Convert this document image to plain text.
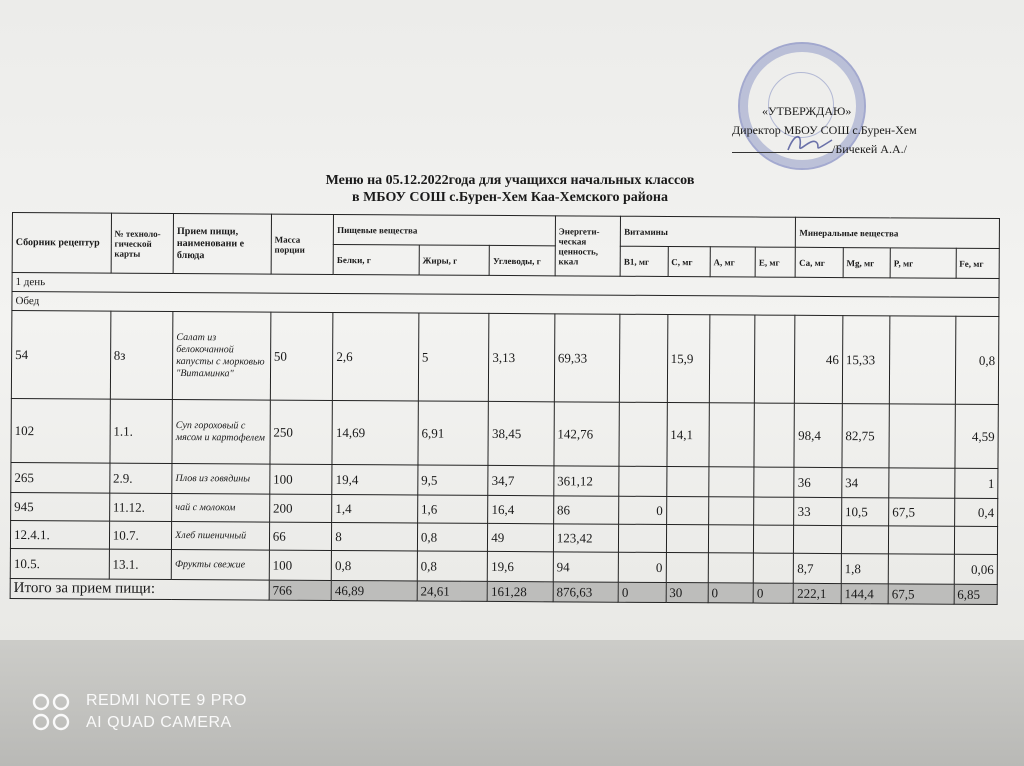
«УТВЕРЖДАЮ»
Директор МБОУ СОШ с.Бурен-Хем
/Бичекей А.А./
Меню на 05.12.2022года для учащихся начальных классов
в МБОУ СОШ с.Бурен-Хем Каа-Хемского района
Сборник рецептур	№ техноло-гической карты	Прием пищи, наименовани е блюда	Масса порции	Пищевые вещества			Энергети-ческая ценность, ккал	Витамины				Минеральные вещества			
				Белки, г	Жиры, г	Углеводы, г		B1, мг	C, мг	A, мг	E, мг	Ca, мг	Mg, мг	P, мг	Fe, мг
1 день															
Обед															
54	8з	Салат из белокочанной капусты с морковью "Витаминка"	50	2,6	5	3,13	69,33		15,9			46	15,33		0,8
102	1.1.	Суп гороховый с мясом и картофелем	250	14,69	6,91	38,45	142,76		14,1			98,4	82,75		4,59
265	2.9.	Плов из говядины	100	19,4	9,5	34,7	361,12					36	34		1
945	11.12.	чай с молоком	200	1,4	1,6	16,4	86	0				33	10,5	67,5	0,4
12.4.1.	10.7.	Хлеб пшеничный	66	8	0,8	49	123,42								
10.5.	13.1.	Фрукты свежие	100	0,8	0,8	19,6	94	0				8,7	1,8		0,06
Итого за прием пищи:			766	46,89	24,61	161,28	876,63	0	30	0	0	222,1	144,4	67,5	6,85
REDMI NOTE 9 PRO
AI QUAD CAMERA
